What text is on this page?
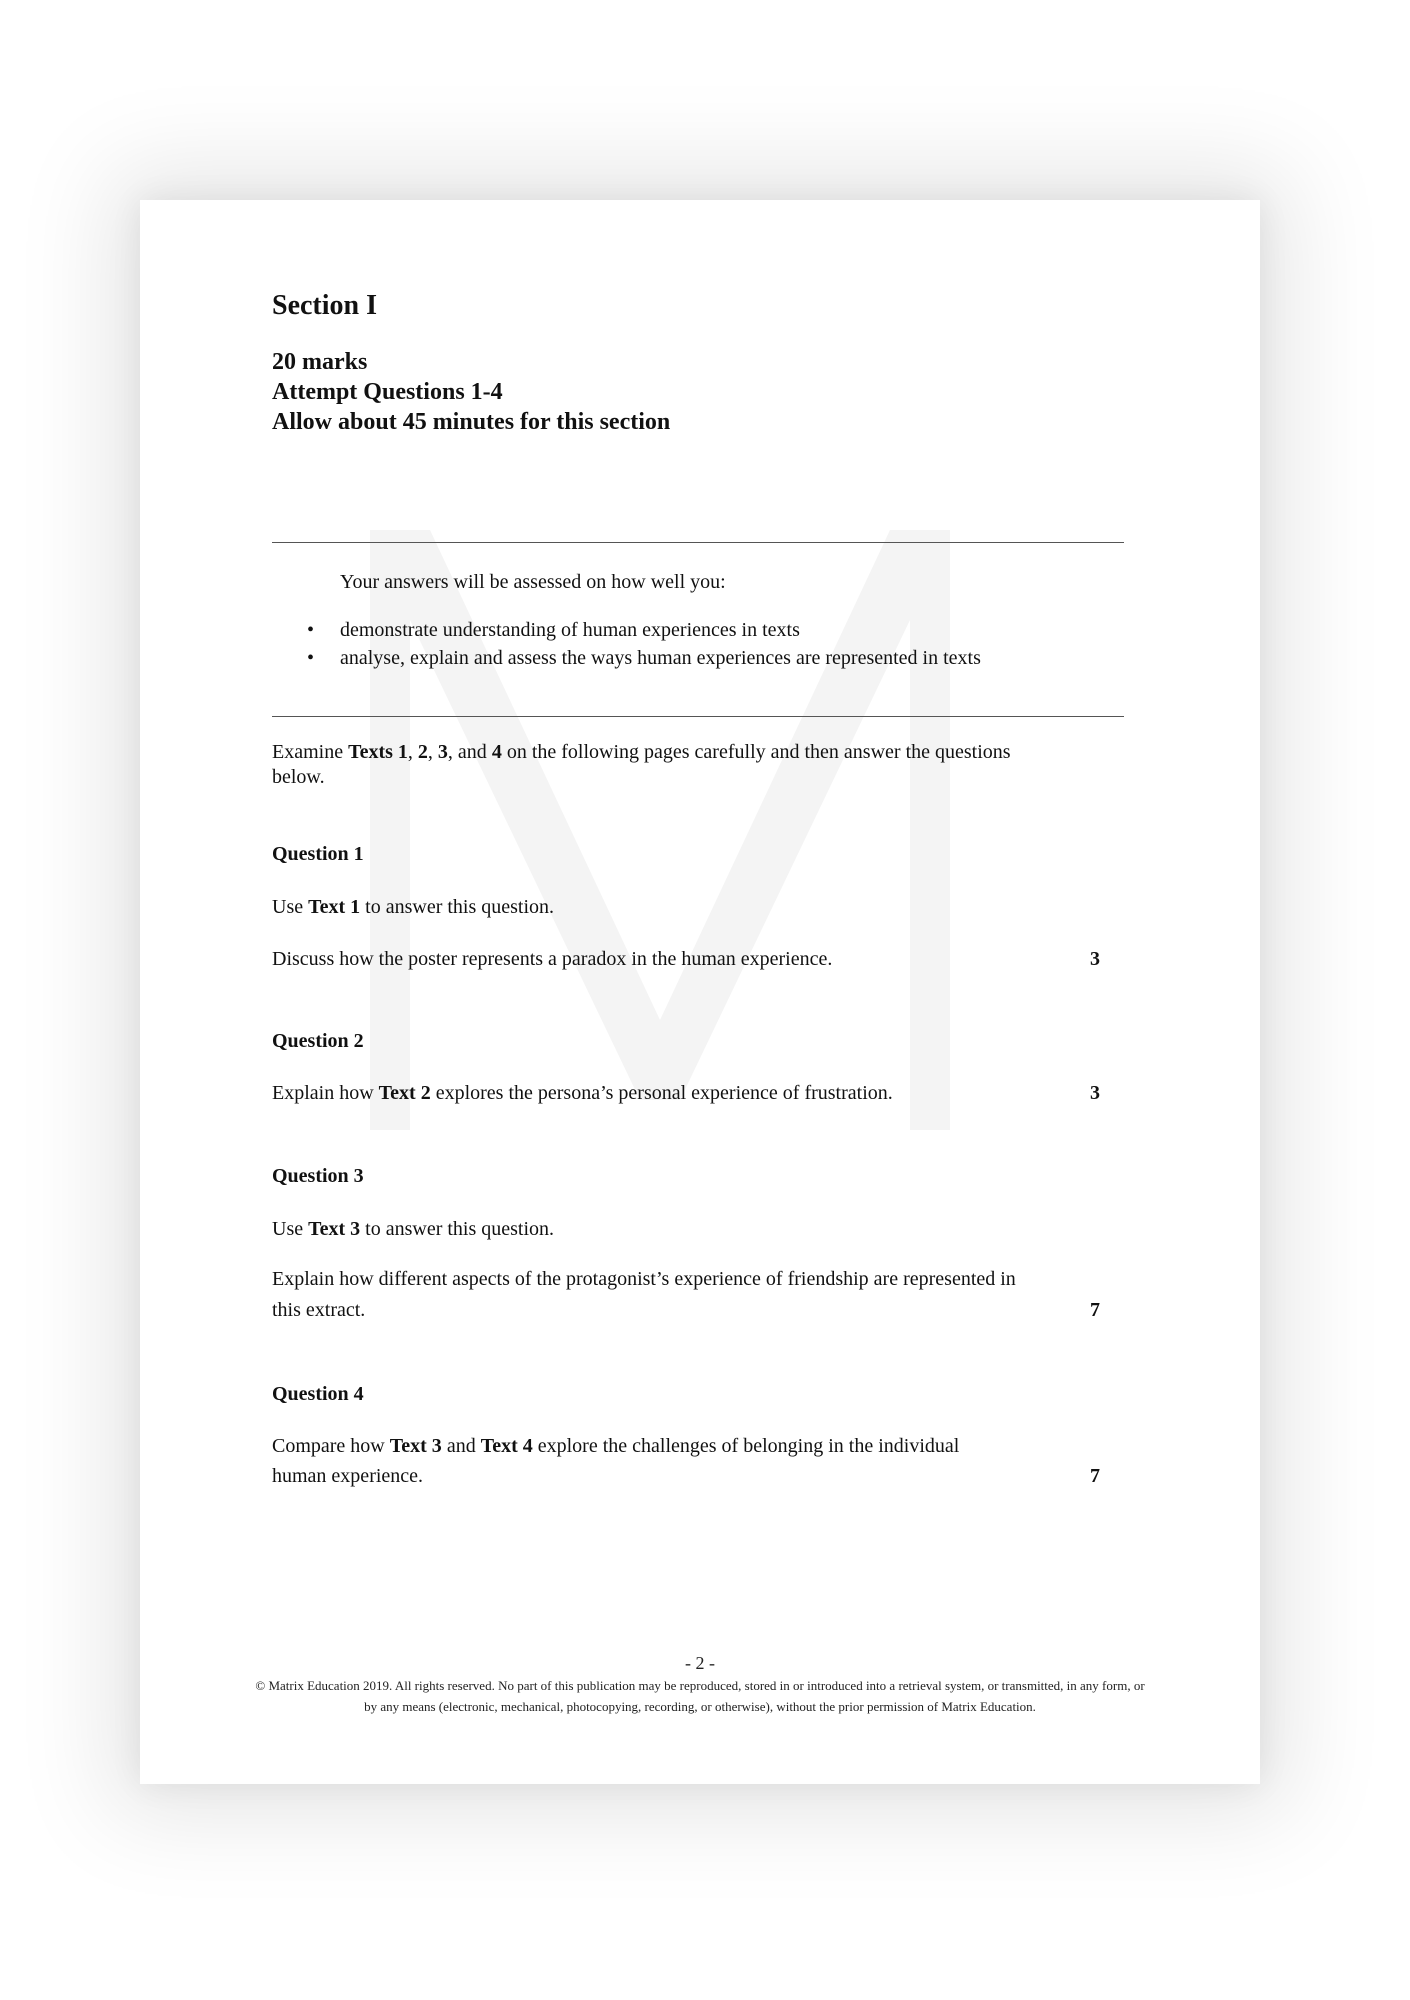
Section I
20 marks
Attempt Questions 1-4
Allow about 45 minutes for this section
Your answers will be assessed on how well you:
• demonstrate understanding of human experiences in texts
• analyse, explain and assess the ways human experiences are represented in texts
Examine Texts 1, 2, 3, and 4 on the following pages carefully and then answer the questions
below.
Question 1
Use Text 1 to answer this question.
Discuss how the poster represents a paradox in the human experience.	3
Question 2
Explain how Text 2 explores the persona’s personal experience of frustration.	3
Question 3
Use Text 3 to answer this question.
Explain how different aspects of the protagonist’s experience of friendship are represented in
this extract.	7
Question 4
Compare how Text 3 and Text 4 explore the challenges of belonging in the individual
human experience.	7
- 2 -
© Matrix Education 2019. All rights reserved. No part of this publication may be reproduced, stored in or introduced into a retrieval system, or transmitted, in any form, or
by any means (electronic, mechanical, photocopying, recording, or otherwise), without the prior permission of Matrix Education.
